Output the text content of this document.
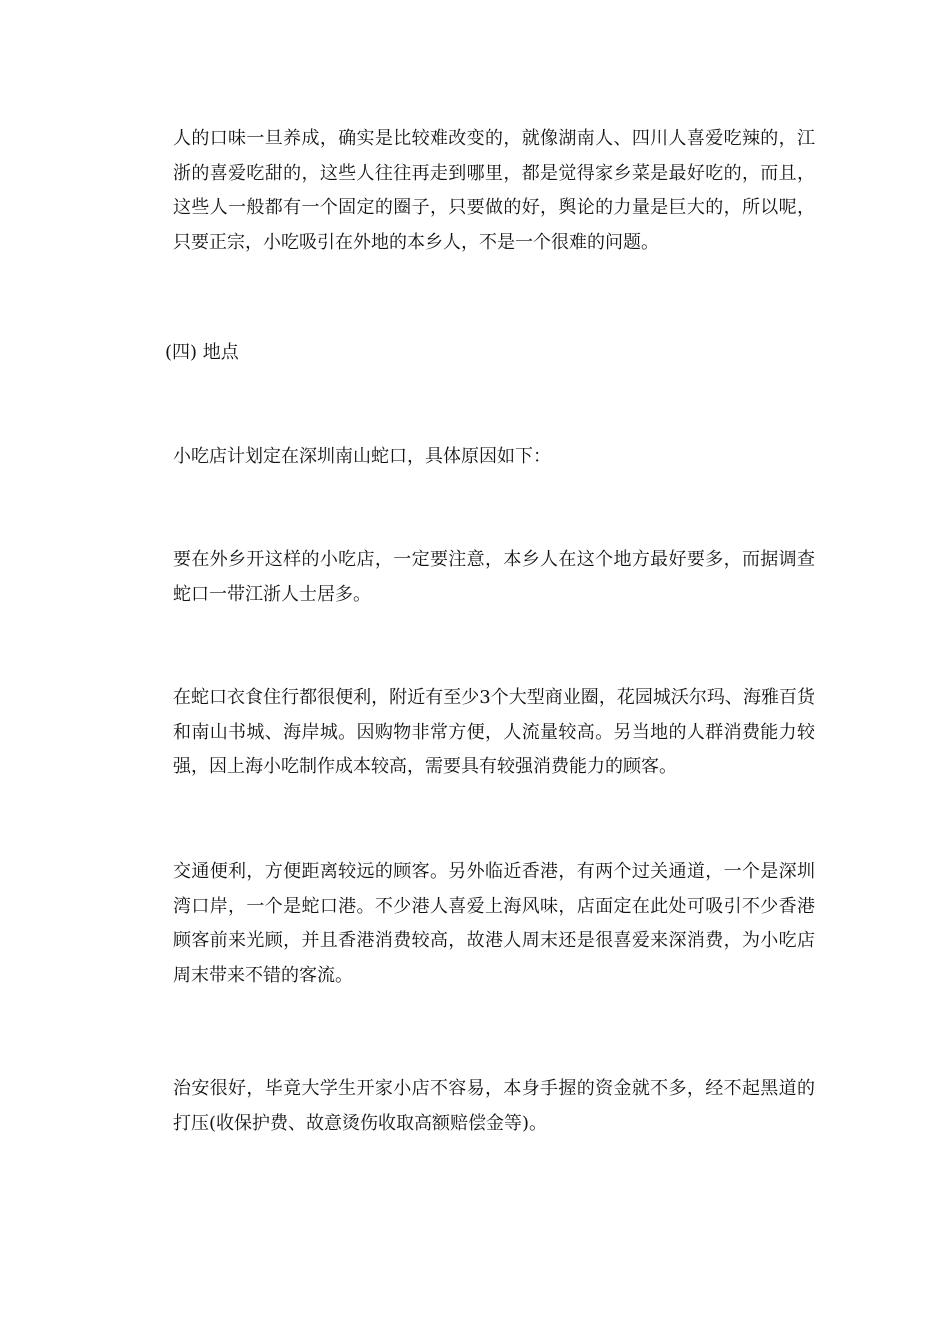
人的口味一旦养成，确实是比较难改变的，就像湖南人、四川人喜爱吃辣的，江浙的喜爱吃甜的，这些人往往再走到哪里，都是觉得家乡菜是最好吃的，而且，这些人一般都有一个固定的圈子，只要做的好，舆论的力量是巨大的，所以呢，只要正宗，小吃吸引在外地的本乡人，不是一个很难的问题。

(四) 地点

小吃店计划定在深圳南山蛇口，具体原因如下：

要在外乡开这样的小吃店，一定要注意，本乡人在这个地方最好要多，而据调查蛇口一带江浙人士居多。

在蛇口衣食住行都很便利，附近有至少3个大型商业圈，花园城沃尔玛、海雅百货和南山书城、海岸城。因购物非常方便，人流量较高。另当地的人群消费能力较强，因上海小吃制作成本较高，需要具有较强消费能力的顾客。

交通便利，方便距离较远的顾客。另外临近香港，有两个过关通道，一个是深圳湾口岸，一个是蛇口港。不少港人喜爱上海风味，店面定在此处可吸引不少香港顾客前来光顾，并且香港消费较高，故港人周末还是很喜爱来深消费，为小吃店周末带来不错的客流。

治安很好，毕竟大学生开家小店不容易，本身手握的资金就不多，经不起黑道的打压(收保护费、故意烫伤收取高额赔偿金等)。
